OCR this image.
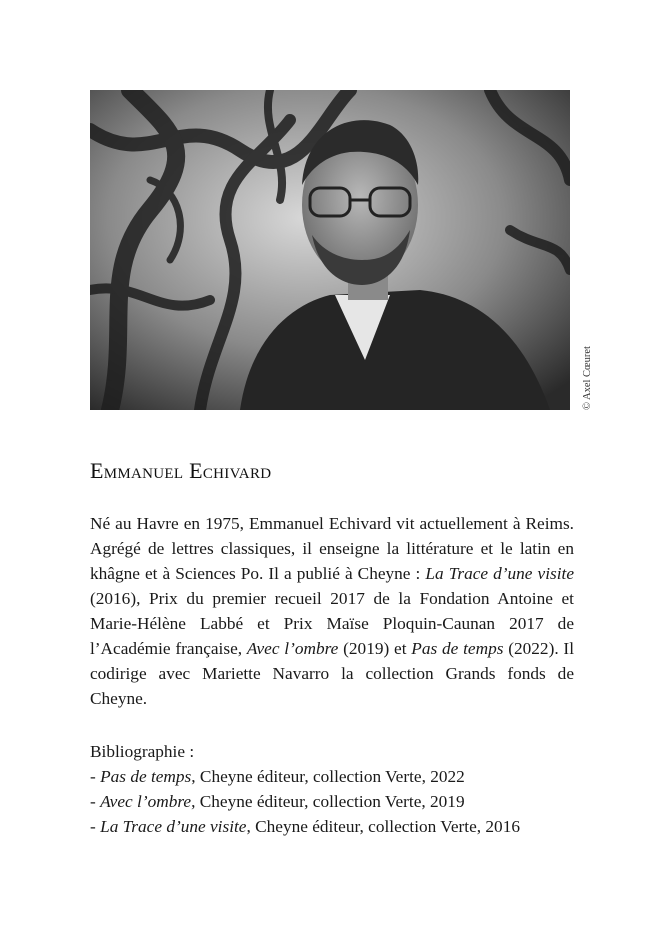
© Axel Cœuret
Emmanuel Echivard

Né au Havre en 1975, Emmanuel Echivard vit actuellement à Reims. Agrégé de lettres classiques, il enseigne la littérature et le latin en khâgne et à Sciences Po. Il a publié à Cheyne : La Trace d’une visite (2016), Prix du premier recueil 2017 de la Fondation Antoine et Marie-Hélène Labbé et Prix Maïse Ploquin-Caunan 2017 de l’Académie française, Avec l’ombre (2019) et Pas de temps (2022). Il codirige avec Mariette Navarro la collection Grands fonds de Cheyne.

Bibliographie :
- Pas de temps, Cheyne éditeur, collection Verte, 2022
- Avec l’ombre, Cheyne éditeur, collection Verte, 2019
- La Trace d’une visite, Cheyne éditeur, collection Verte, 2016
